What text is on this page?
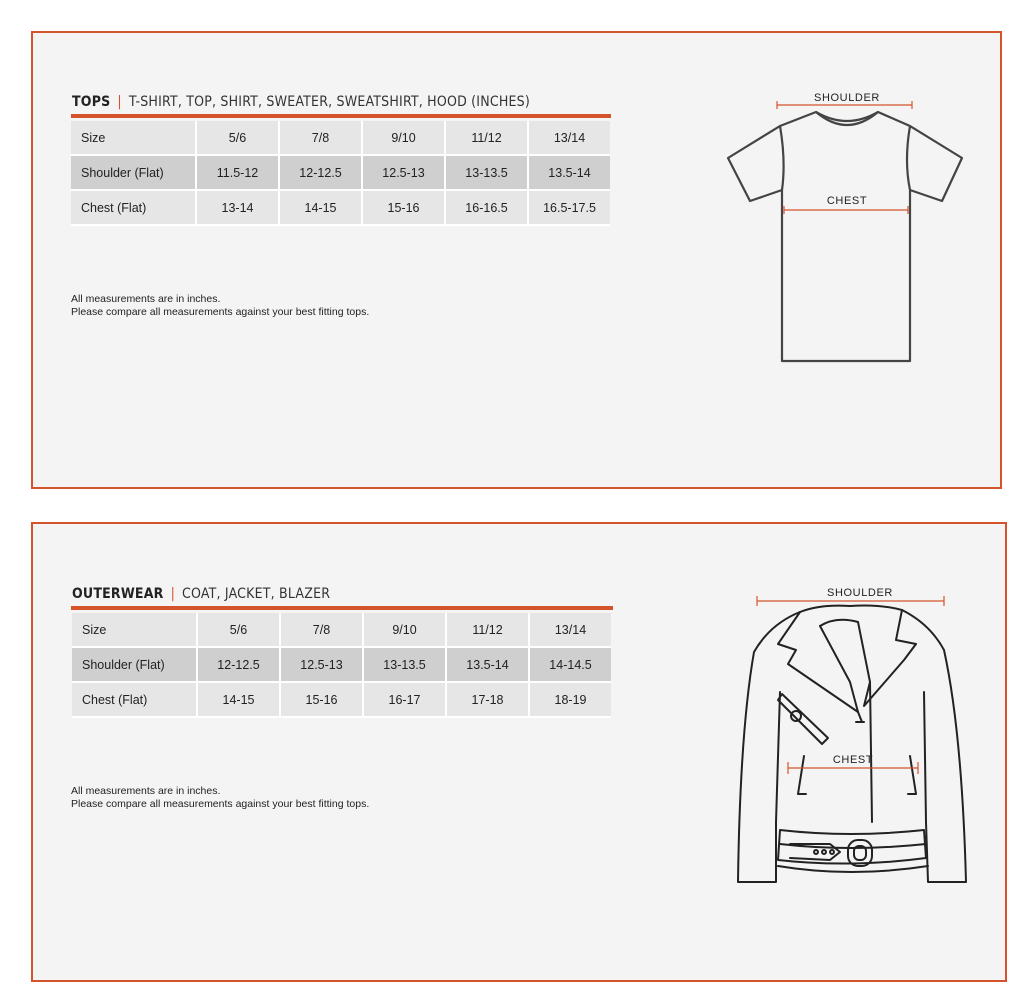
TOPS | T-SHIRT, TOP, SHIRT, SWEATER, SWEATSHIRT, HOOD (INCHES)
Size	5/6	7/8	9/10	11/12	13/14
Shoulder (Flat)	11.5-12	12-12.5	12.5-13	13-13.5	13.5-14
Chest (Flat)	13-14	14-15	15-16	16-16.5	16.5-17.5
All measurements are in inches.
Please compare all measurements against your best fitting tops.
SHOULDER
CHEST
OUTERWEAR | COAT, JACKET, BLAZER
Size	5/6	7/8	9/10	11/12	13/14
Shoulder (Flat)	12-12.5	12.5-13	13-13.5	13.5-14	14-14.5
Chest (Flat)	14-15	15-16	16-17	17-18	18-19
All measurements are in inches.
Please compare all measurements against your best fitting tops.
SHOULDER
CHEST
